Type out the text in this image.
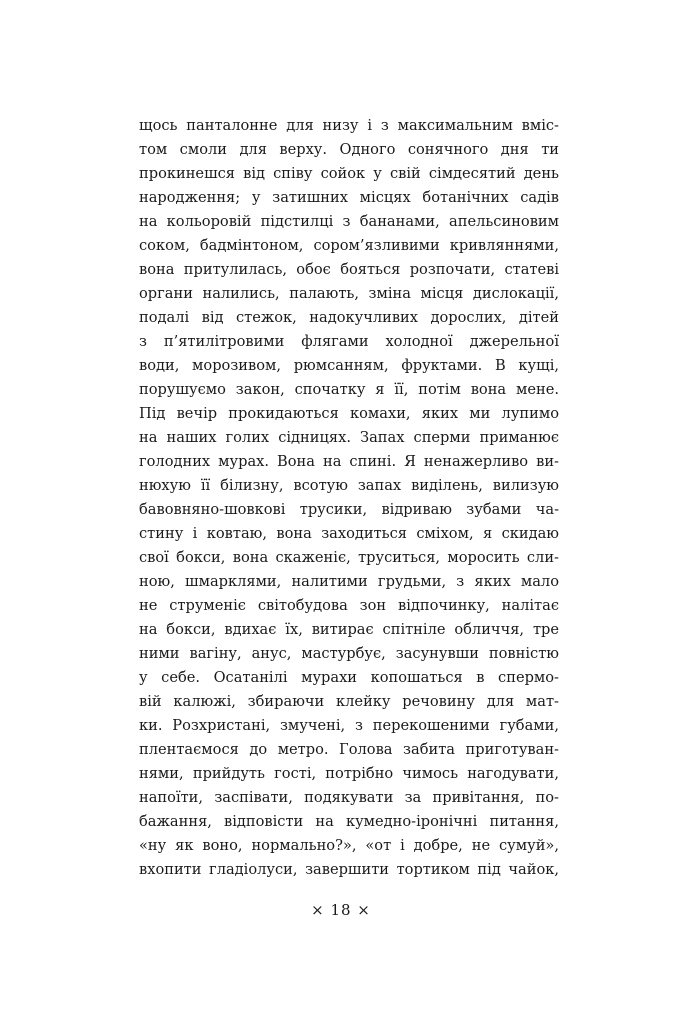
щось панталонне для низу і з максимальним вміс-
том смоли для верху. Одного сонячного дня ти
прокинешся від співу сойок у свій сімдесятий день
народження; у затишних місцях ботанічних садів
на кольоровій підстилці з бананами, апельсиновим
соком, бадмінтоном, сором’язливими кривляннями,
вона притулилась, обоє бояться розпочати, статеві
органи налились, палають, зміна місця дислокації,
подалі від стежок, надокучливих дорослих, дітей
з п’ятилітровими флягами холодної джерельної
води, морозивом, рюмсанням, фруктами. В кущі,
порушуємо закон, спочатку я її, потім вона мене.
Під вечір прокидаються комахи, яких ми лупимо
на наших голих сідницях. Запах сперми приманює
голодних мурах. Вона на спині. Я ненажерливо ви-
нюхую її білизну, всотую запах виділень, вилизую
бавовняно-шовкові трусики, відриваю зубами ча-
стину і ковтаю, вона заходиться сміхом, я скидаю
свої бокси, вона скаженіє, труситься, моросить сли-
ною, шмарклями, налитими грудьми, з яких мало
не струменіє світобудова зон відпочинку, налітає
на бокси, вдихає їх, витирає спітніле обличчя, тре
ними вагіну, анус, мастурбує, засунувши повністю
у себе. Осатанілі мурахи копошаться в спермо-
вій калюжі, збираючи клейку речовину для мат-
ки. Розхристані, змучені, з перекошеними губами,
плентаємося до метро. Голова забита приготуван-
нями, прийдуть гості, потрібно чимось нагодувати,
напоїти, заспівати, подякувати за привітання, по-
бажання, відповісти на кумедно-іронічні питання,
«ну як воно, нормально?», «от і добре, не сумуй»,
вхопити гладіолуси, завершити тортиком під чайок,
× 18 ×
